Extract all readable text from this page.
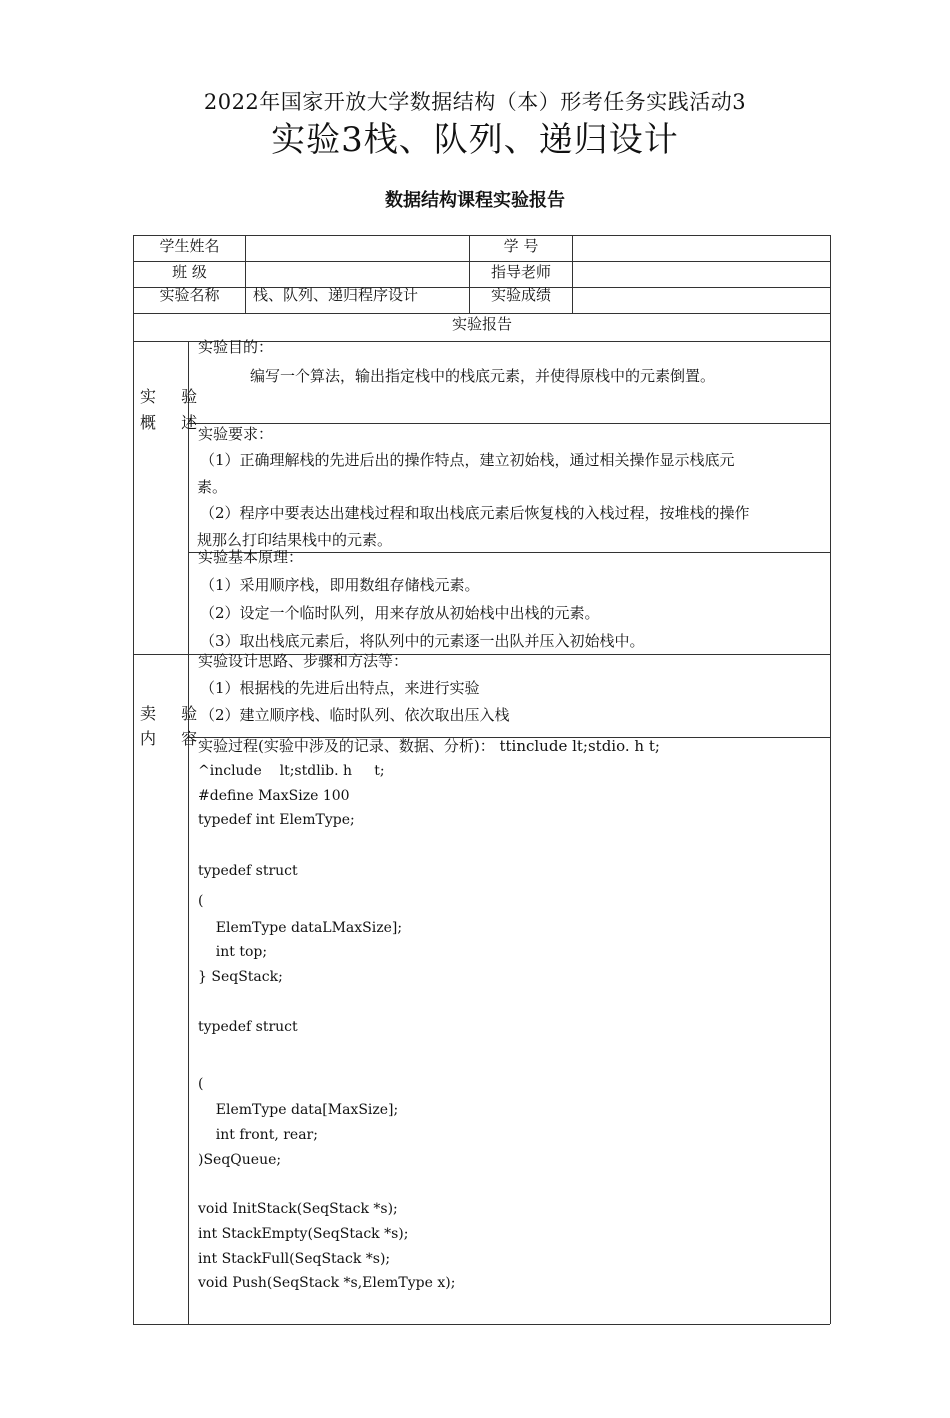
2022年国家开放大学数据结构（本）形考任务实践活动3
实验3栈、队列、递归设计
数据结构课程实验报告
学生姓名	学 号
班 级	指导老师
实验名称	栈、队列、递归程序设计	实验成绩
实验报告
实 验
概 述
实验目的：
编写一个算法，输出指定栈中的栈底元素，并使得原栈中的元素倒置。
实验要求：
（1）正确理解栈的先进后出的操作特点，建立初始栈，通过相关操作显示栈底元
素。
（2）程序中要表达出建栈过程和取出栈底元素后恢复栈的入栈过程，按堆栈的操作
规那么打印结果栈中的元素。
实验基本原理：
（1）采用顺序栈，即用数组存储栈元素。
（2）设定一个临时队列，用来存放从初始栈中出栈的元素。
（3）取出栈底元素后，将队列中的元素逐一出队并压入初始栈中。
卖 验
内 容
实验设计思路、步骤和方法等：
（1）根据栈的先进后出特点，来进行实验
（2）建立顺序栈、临时队列、依次取出压入栈
实验过程(实验中涉及的记录、数据、分析)： ttinclude lt;stdio. h t;
^include    lt;stdlib. h     t;
#define MaxSize 100
typedef int ElemType;
typedef struct
(
ElemType dataLMaxSize];
int top;
} SeqStack;
typedef struct
(
ElemType data[MaxSize];
int front, rear;
)SeqQueue;
void InitStack(SeqStack *s);
int StackEmpty(SeqStack *s);
int StackFull(SeqStack *s);
void Push(SeqStack *s,ElemType x);
